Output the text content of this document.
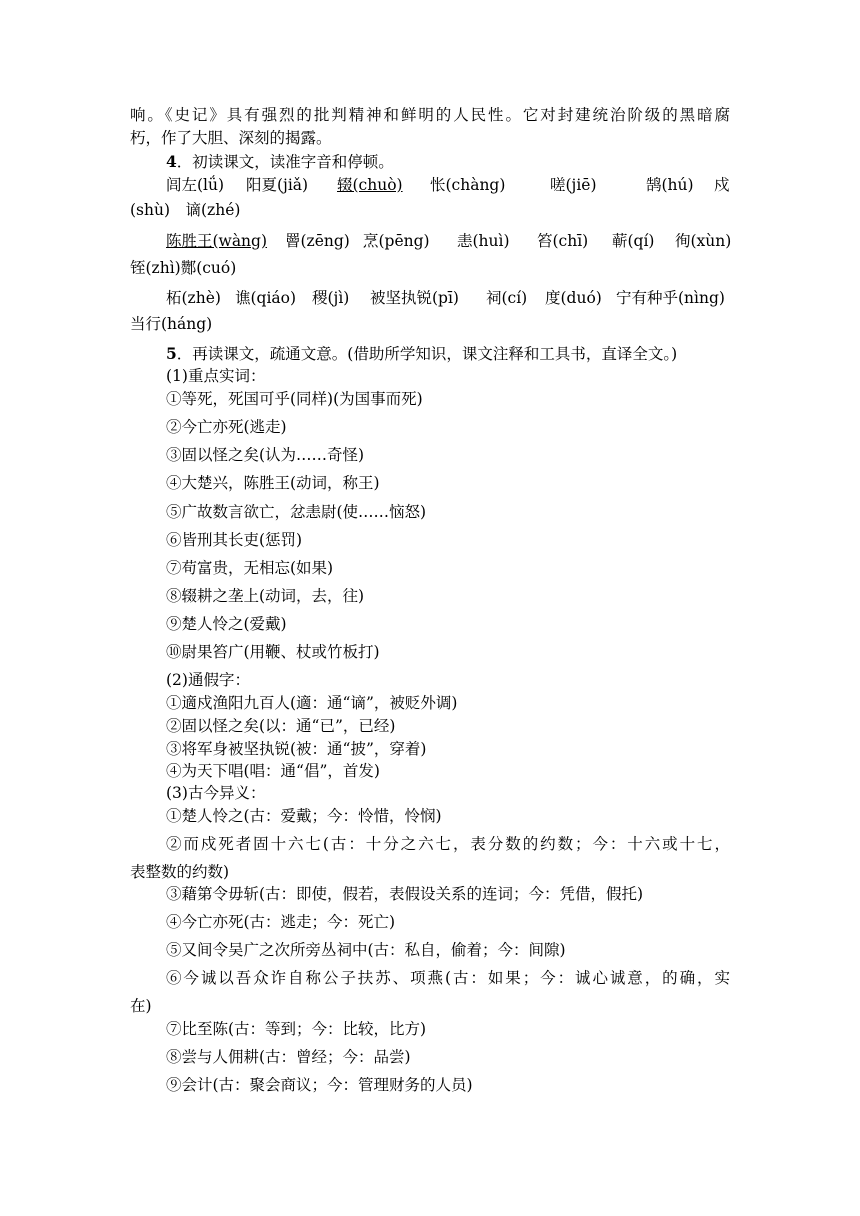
响。《史记》具有强烈的批判精神和鲜明的人民性。它对封建统治阶级的黑暗腐
朽，作了大胆、深刻的揭露。
4．初读课文，读准字音和停顿。
闾左(lǘ) 阳夏(jiǎ) 辍(chuò) 怅(chàng)	嗟(jiē)	鹄(hú) 戍
(shù)　谪(zhé)
陈胜王(wàng) 罾(zēng) 烹(pēng) 恚(huì) 笞(chī) 蕲(qí) 徇(xùn)
铚(zhì)酂(cuó)
柘(zhè) 谯(qiáo) 稷(jì) 被坚执锐(pī) 祠(cí) 度(duó) 宁有种乎(nìng)
当行(háng)
5．再读课文，疏通文意。(借助所学知识，课文注释和工具书，直译全文。)
(1)重点实词：
①等死，死国可乎(同样)(为国事而死)
②今亡亦死(逃走)
③固以怪之矣(认为……奇怪)
④大楚兴，陈胜王(动词，称王)
⑤广故数言欲亡，忿恚尉(使……恼怒)
⑥皆刑其长吏(惩罚)
⑦苟富贵，无相忘(如果)
⑧辍耕之垄上(动词，去，往)
⑨楚人怜之(爱戴)
⑩尉果笞广(用鞭、杖或竹板打)
(2)通假字：
①適戍渔阳九百人(適：通“谪”，被贬外调)
②固以怪之矣(以：通“已”，已经)
③将军身被坚执锐(被：通“披”，穿着)
④为天下唱(唱：通“倡”，首发)
(3)古今异义：
①楚人怜之(古：爱戴；今：怜惜，怜悯)
②而戍死者固十六七(古：十分之六七，表分数的约数；今：十六或十七，
表整数的约数)
③藉第令毋斩(古：即使，假若，表假设关系的连词；今：凭借，假托)
④今亡亦死(古：逃走；今：死亡)
⑤又间令吴广之次所旁丛祠中(古：私自，偷着；今：间隙)
⑥今诚以吾众诈自称公子扶苏、项燕(古：如果；今：诚心诚意，的确，实
在)
⑦比至陈(古：等到；今：比较，比方)
⑧尝与人佣耕(古：曾经；今：品尝)
⑨会计(古：聚会商议；今：管理财务的人员)
